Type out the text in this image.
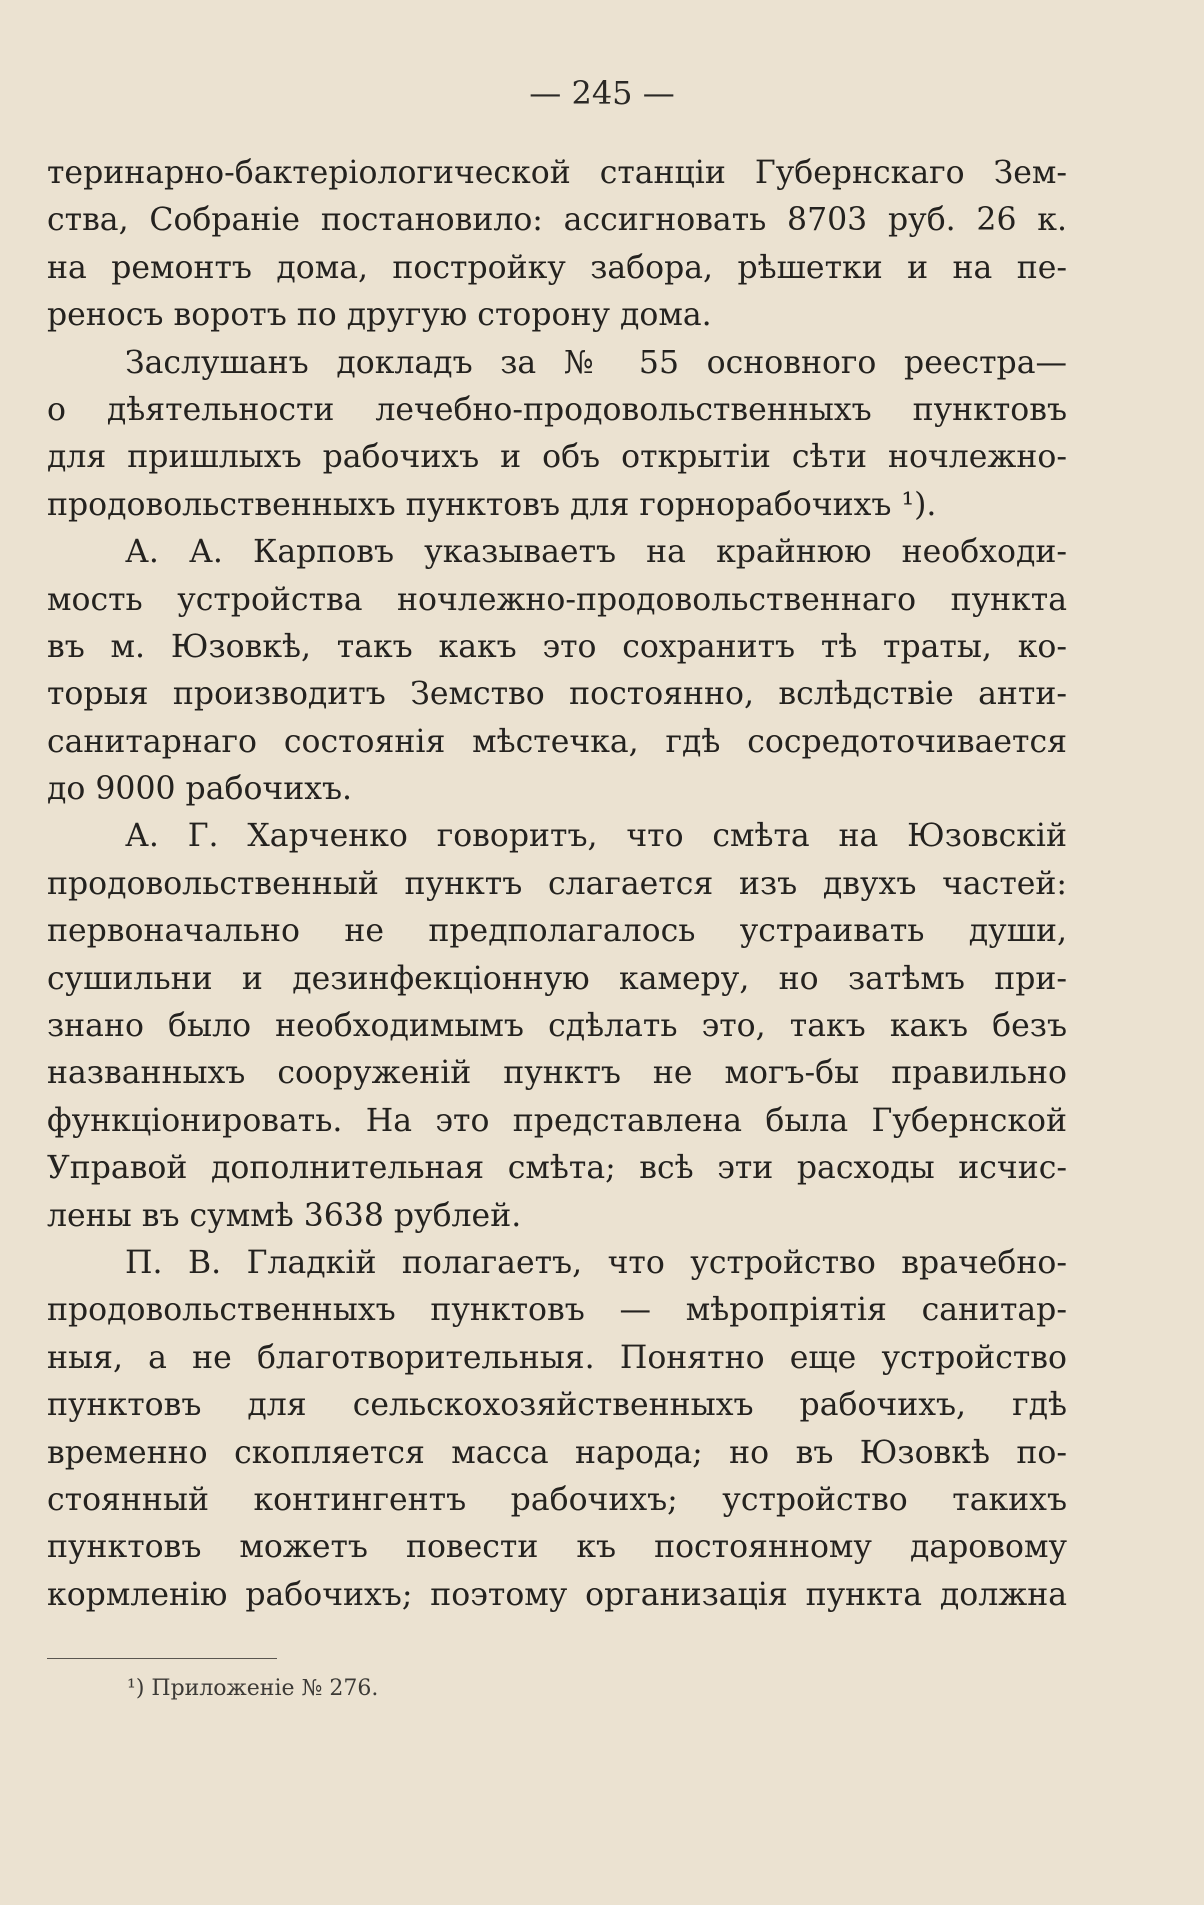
— 245 —
теринарно-бактеріологической станціи Губернскаго Зем-
ства, Собраніе постановило: ассигновать 8703 руб. 26 к.
на ремонтъ дома, постройку забора, рѣшетки и на пе-
реносъ воротъ по другую сторону дома.
Заслушанъ докладъ за № 55 основного реестра—
о дѣятельности лечебно-продовольственныхъ пунктовъ
для пришлыхъ рабочихъ и объ открытіи сѣти ночлежно-
продовольственныхъ пунктовъ для горнорабочихъ ¹).
А. А. Карповъ указываетъ на крайнюю необходи-
мость устройства ночлежно-продовольственнаго пункта
въ м. Юзовкѣ, такъ какъ это сохранитъ тѣ траты, ко-
торыя производитъ Земство постоянно, вслѣдствіе анти-
санитарнаго состоянія мѣстечка, гдѣ сосредоточивается
до 9000 рабочихъ.
А. Г. Харченко говоритъ, что смѣта на Юзовскій
продовольственный пунктъ слагается изъ двухъ частей:
первоначально не предполагалось устраивать души,
сушильни и дезинфекціонную камеру, но затѣмъ при-
знано было необходимымъ сдѣлать это, такъ какъ безъ
названныхъ сооруженій пунктъ не могъ-бы правильно
функціонировать. На это представлена была Губернской
Управой дополнительная смѣта; всѣ эти расходы исчис-
лены въ суммѣ 3638 рублей.
П. В. Гладкій полагаетъ, что устройство врачебно-
продовольственныхъ пунктовъ — мѣропріятія санитар-
ныя, а не благотворительныя. Понятно еще устройство
пунктовъ для сельскохозяйственныхъ рабочихъ, гдѣ
временно скопляется масса народа; но въ Юзовкѣ по-
стоянный контингентъ рабочихъ; устройство такихъ
пунктовъ можетъ повести къ постоянному даровому
кормленію рабочихъ; поэтому организація пункта должна
¹) Приложеніе № 276.
